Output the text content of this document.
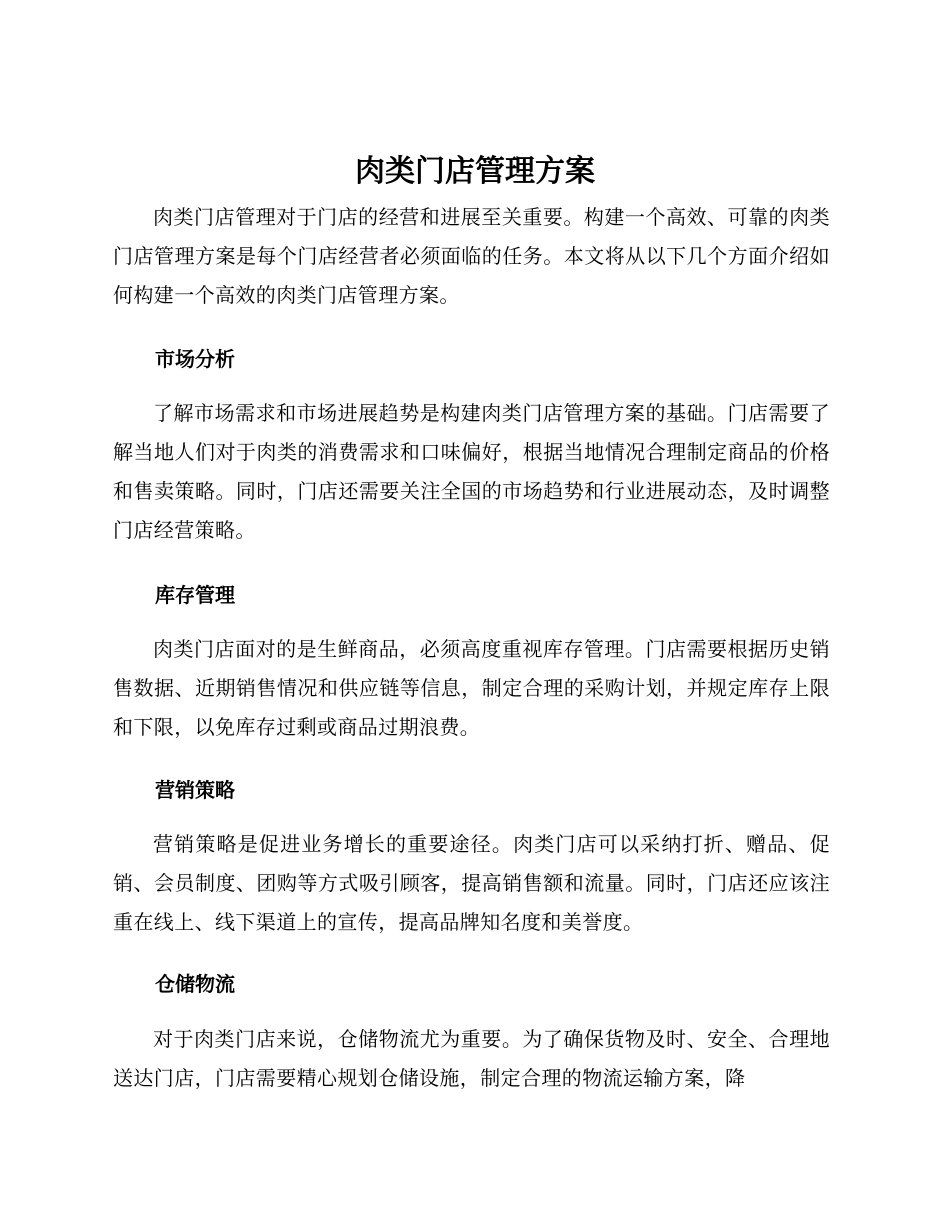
肉类门店管理方案

肉类门店管理对于门店的经营和进展至关重要。构建一个高效、可靠的肉类门店管理方案是每个门店经营者必须面临的任务。本文将从以下几个方面介绍如何构建一个高效的肉类门店管理方案。

市场分析

了解市场需求和市场进展趋势是构建肉类门店管理方案的基础。门店需要了解当地人们对于肉类的消费需求和口味偏好，根据当地情况合理制定商品的价格和售卖策略。同时，门店还需要关注全国的市场趋势和行业进展动态，及时调整门店经营策略。

库存管理

肉类门店面对的是生鲜商品，必须高度重视库存管理。门店需要根据历史销售数据、近期销售情况和供应链等信息，制定合理的采购计划，并规定库存上限和下限，以免库存过剩或商品过期浪费。

营销策略

营销策略是促进业务增长的重要途径。肉类门店可以采纳打折、赠品、促销、会员制度、团购等方式吸引顾客，提高销售额和流量。同时，门店还应该注重在线上、线下渠道上的宣传，提高品牌知名度和美誉度。

仓储物流

对于肉类门店来说，仓储物流尤为重要。为了确保货物及时、安全、合理地送达门店，门店需要精心规划仓储设施，制定合理的物流运输方案，降
